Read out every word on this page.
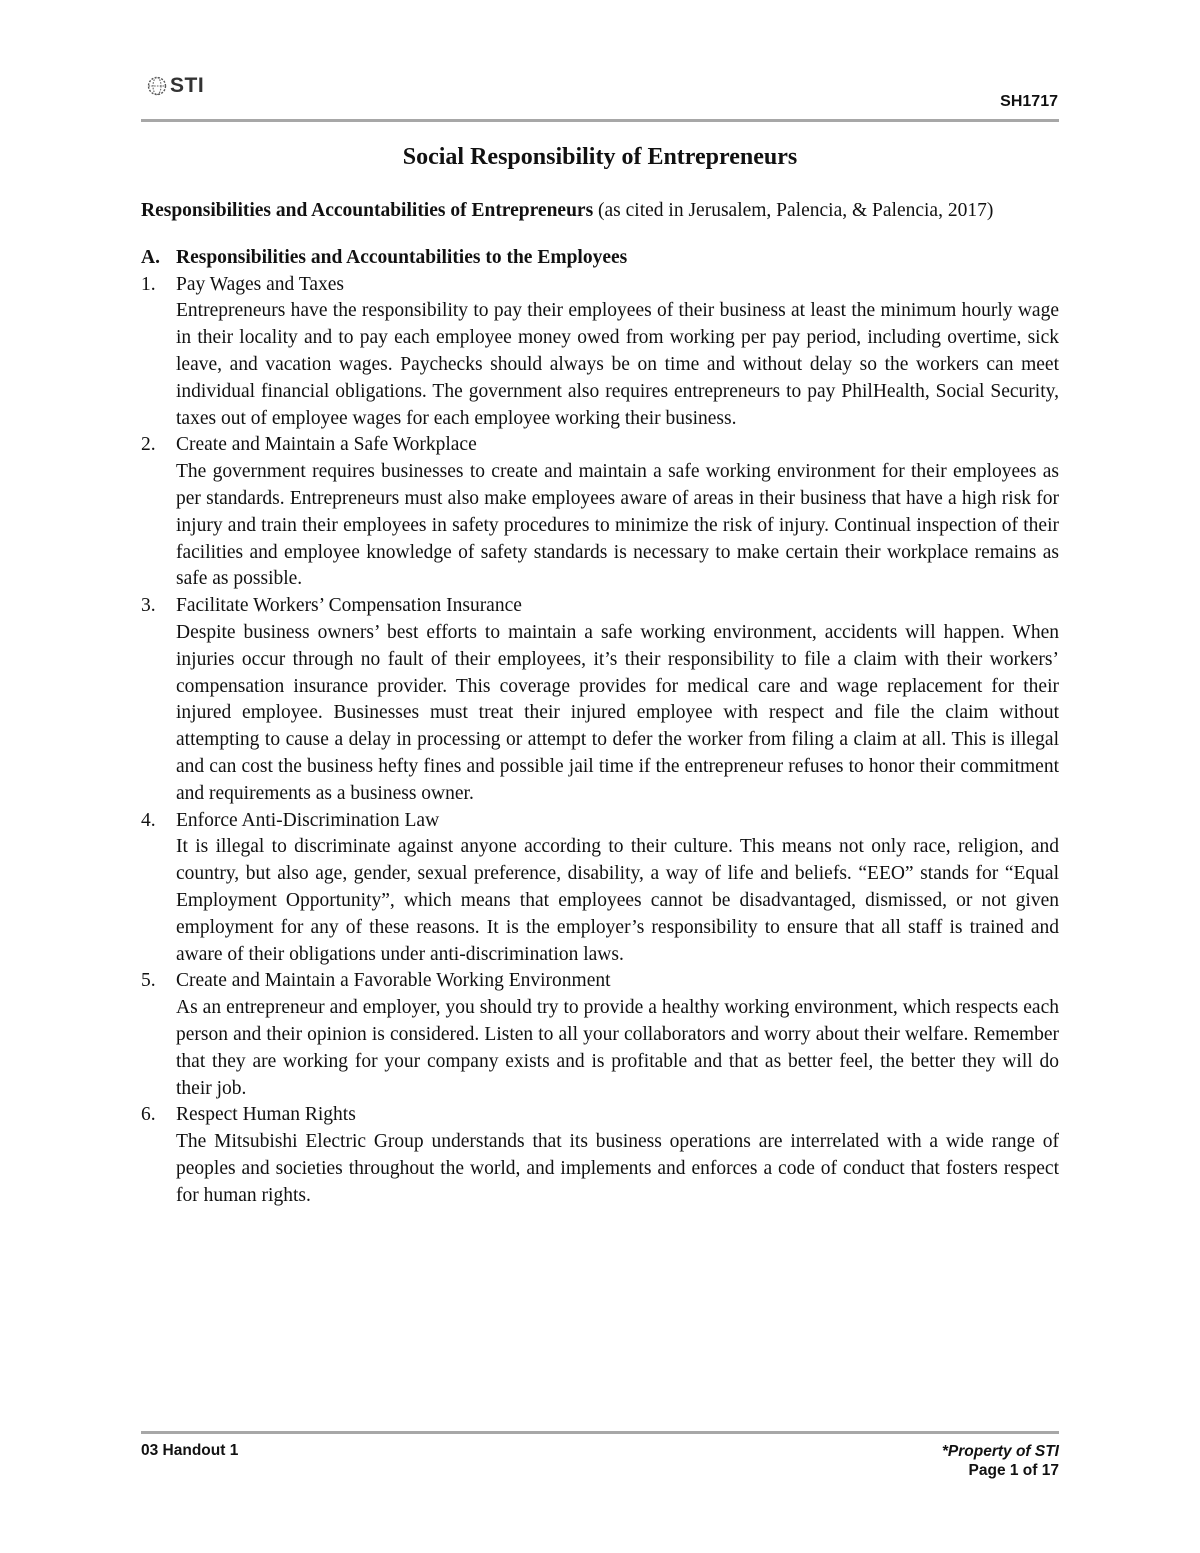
STI
SH1717
Social Responsibility of Entrepreneurs

Responsibilities and Accountabilities of Entrepreneurs (as cited in Jerusalem, Palencia, & Palencia, 2017)

A. Responsibilities and Accountabilities to the Employees
1.	Pay Wages and Taxes
Entrepreneurs have the responsibility to pay their employees of their business at least the minimum hourly wage in their locality and to pay each employee money owed from working per pay period, including overtime, sick leave, and vacation wages. Paychecks should always be on time and without delay so the workers can meet individual financial obligations. The government also requires entrepreneurs to pay PhilHealth, Social Security, taxes out of employee wages for each employee working their business.
2.	Create and Maintain a Safe Workplace
The government requires businesses to create and maintain a safe working environment for their employees as per standards. Entrepreneurs must also make employees aware of areas in their business that have a high risk for injury and train their employees in safety procedures to minimize the risk of injury. Continual inspection of their facilities and employee knowledge of safety standards is necessary to make certain their workplace remains as safe as possible.
3.	Facilitate Workers’ Compensation Insurance
Despite business owners’ best efforts to maintain a safe working environment, accidents will happen. When injuries occur through no fault of their employees, it’s their responsibility to file a claim with their workers’ compensation insurance provider. This coverage provides for medical care and wage replacement for their injured employee. Businesses must treat their injured employee with respect and file the claim without attempting to cause a delay in processing or attempt to defer the worker from filing a claim at all. This is illegal and can cost the business hefty fines and possible jail time if the entrepreneur refuses to honor their commitment and requirements as a business owner.
4.	Enforce Anti-Discrimination Law
It is illegal to discriminate against anyone according to their culture. This means not only race, religion, and country, but also age, gender, sexual preference, disability, a way of life and beliefs. “EEO” stands for “Equal Employment Opportunity”, which means that employees cannot be disadvantaged, dismissed, or not given employment for any of these reasons. It is the employer’s responsibility to ensure that all staff is trained and aware of their obligations under anti-discrimination laws.
5.	Create and Maintain a Favorable Working Environment
As an entrepreneur and employer, you should try to provide a healthy working environment, which respects each person and their opinion is considered. Listen to all your collaborators and worry about their welfare. Remember that they are working for your company exists and is profitable and that as better feel, the better they will do their job.
6.	Respect Human Rights
The Mitsubishi Electric Group understands that its business operations are interrelated with a wide range of peoples and societies throughout the world, and implements and enforces a code of conduct that fosters respect for human rights.
03 Handout 1	*Property of STI
Page 1 of 17
